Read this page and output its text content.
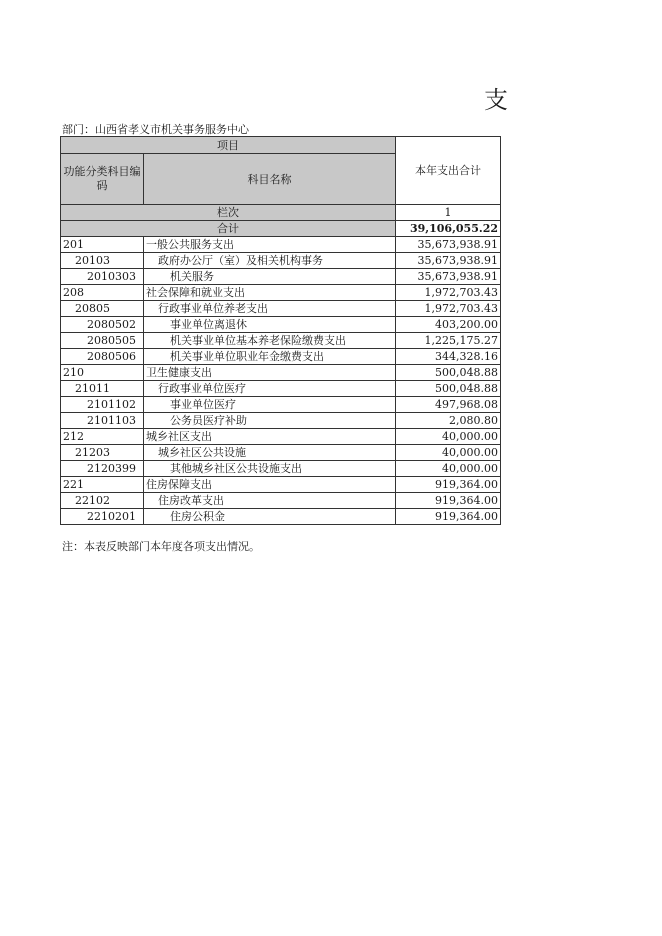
支
部门：山西省孝义市机关事务服务中心
项目		本年支出合计
功能分类科目编码	科目名称	
栏次		1
合计		39,106,055.22
201	一般公共服务支出	35,673,938.91
20103	政府办公厅（室）及相关机构事务	35,673,938.91
2010303	机关服务	35,673,938.91
208	社会保障和就业支出	1,972,703.43
20805	行政事业单位养老支出	1,972,703.43
2080502	事业单位离退休	403,200.00
2080505	机关事业单位基本养老保险缴费支出	1,225,175.27
2080506	机关事业单位职业年金缴费支出	344,328.16
210	卫生健康支出	500,048.88
21011	行政事业单位医疗	500,048.88
2101102	事业单位医疗	497,968.08
2101103	公务员医疗补助	2,080.80
212	城乡社区支出	40,000.00
21203	城乡社区公共设施	40,000.00
2120399	其他城乡社区公共设施支出	40,000.00
221	住房保障支出	919,364.00
22102	住房改革支出	919,364.00
2210201	住房公积金	919,364.00
注：本表反映部门本年度各项支出情况。
